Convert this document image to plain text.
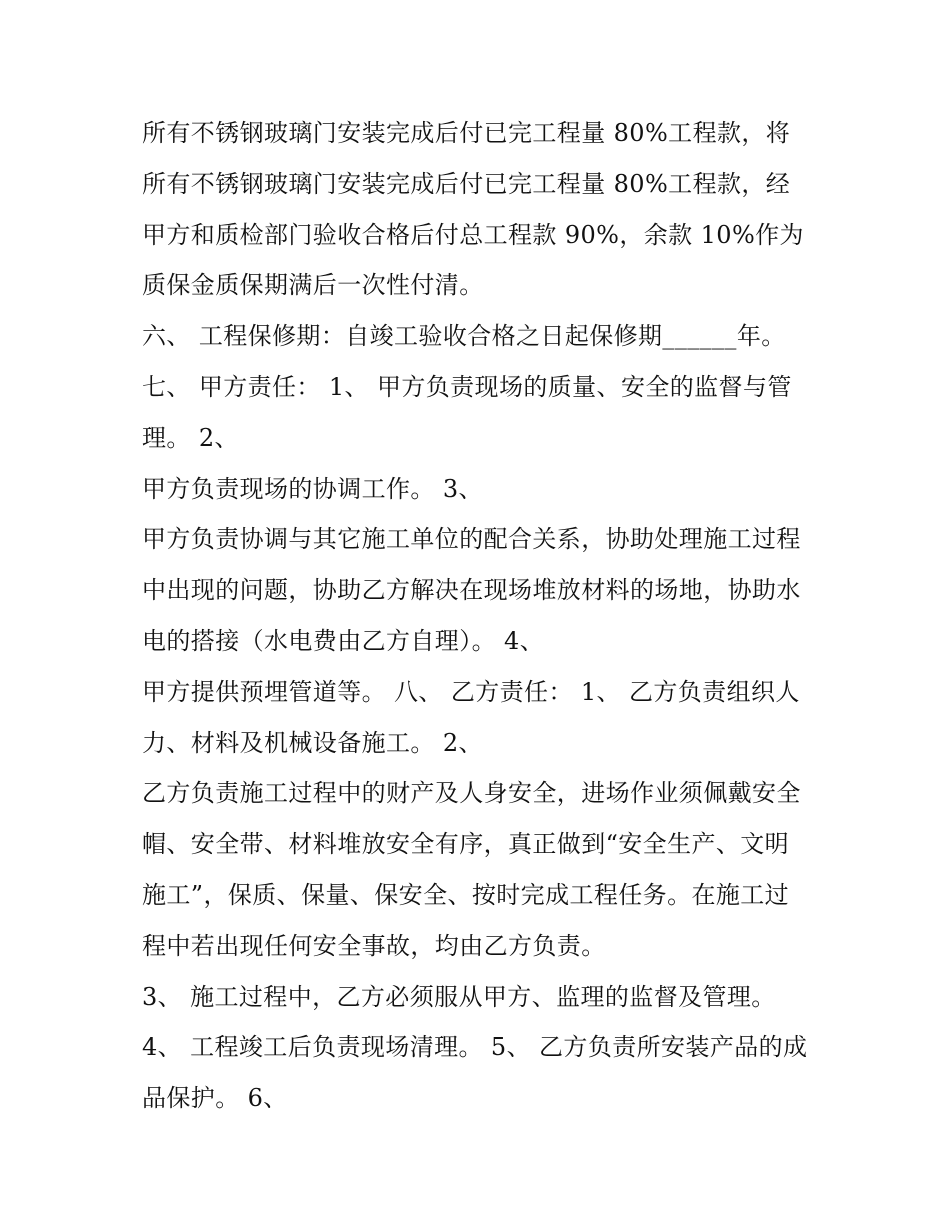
所有不锈钢玻璃门安装完成后付已完工程量 80%工程款，将
所有不锈钢玻璃门安装完成后付已完工程量 80%工程款，经
甲方和质检部门验收合格后付总工程款 90%，余款 10%作为
质保金质保期满后一次性付清。
六、 工程保修期：自竣工验收合格之日起保修期______年。
七、 甲方责任： 1、 甲方负责现场的质量、安全的监督与管
理。 2、
甲方负责现场的协调工作。 3、
甲方负责协调与其它施工单位的配合关系，协助处理施工过程
中出现的问题，协助乙方解决在现场堆放材料的场地，协助水
电的搭接（水电费由乙方自理）。 4、
甲方提供预埋管道等。 八、 乙方责任： 1、 乙方负责组织人
力、材料及机械设备施工。 2、
乙方负责施工过程中的财产及人身安全，进场作业须佩戴安全
帽、安全带、材料堆放安全有序，真正做到“安全生产、文明
施工”，保质、保量、保安全、按时完成工程任务。在施工过
程中若出现任何安全事故，均由乙方负责。
3、 施工过程中，乙方必须服从甲方、监理的监督及管理。
4、 工程竣工后负责现场清理。 5、 乙方负责所安装产品的成
品保护。 6、
